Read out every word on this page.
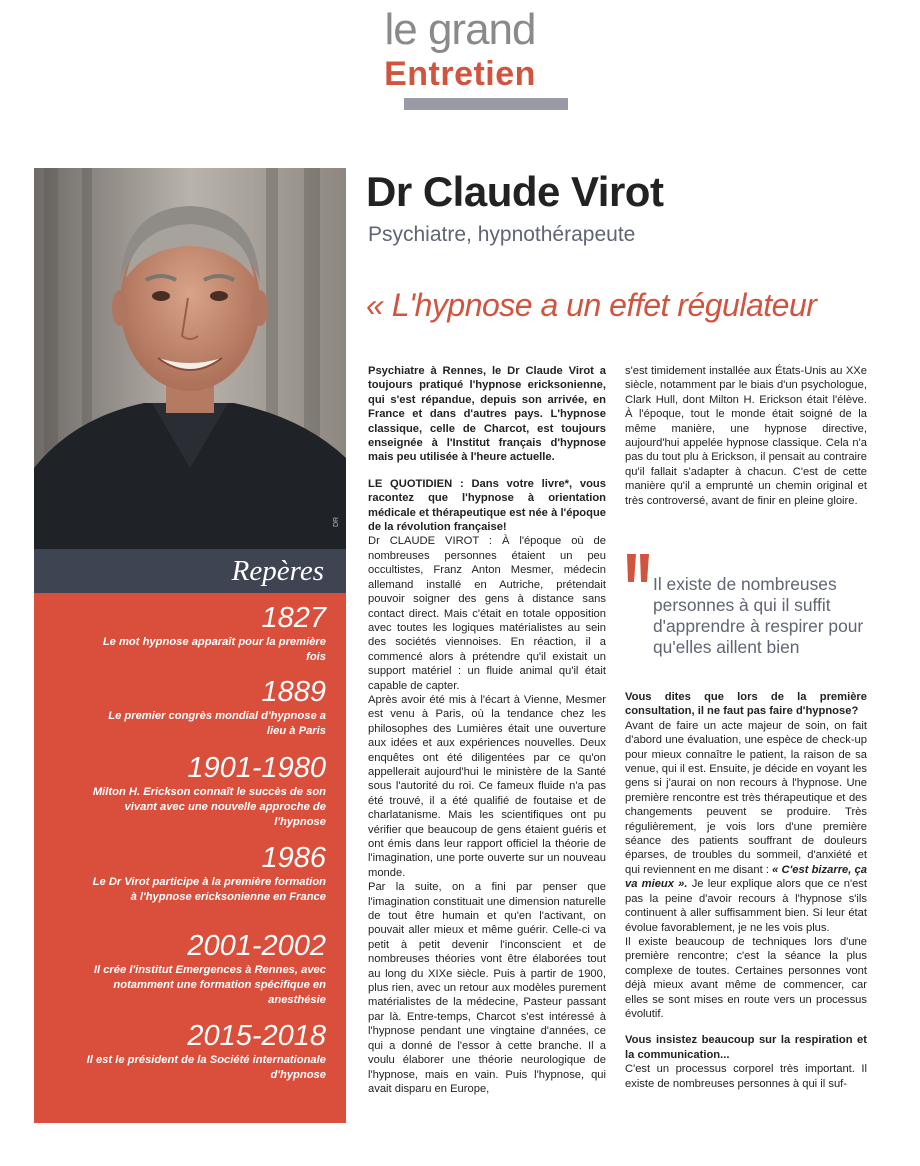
le grand
Entretien
DR
Repères
1827
Le mot hypnose apparaît pour la première fois
1889
Le premier congrès mondial d'hypnose a lieu à Paris
1901-1980
Milton H. Erickson connaît le succès de son vivant avec une nouvelle approche de l'hypnose
1986
Le Dr Virot participe à la première formation à l'hypnose ericksonienne en France
2001-2002
Il crée l'institut Emergences à Rennes, avec notamment une formation spécifique en anesthésie
2015-2018
Il est le président de la Société internationale d'hypnose
Dr Claude Virot
Psychiatre, hypnothérapeute
« L'hypnose a un effet régulateur

Psychiatre à Rennes, le Dr Claude Virot a toujours pratiqué l'hypnose ericksonienne, qui s'est répandue, depuis son arrivée, en France et dans d'autres pays. L'hypnose classique, celle de Charcot, est toujours enseignée à l'Institut français d'hypnose mais peu utilisée à l'heure actuelle.

LE QUOTIDIEN : Dans votre livre*, vous racontez que l'hypnose à orientation médicale et thérapeutique est née à l'époque de la révolution française!

Dr CLAUDE VIROT : À l'époque où de nombreuses personnes étaient un peu occultistes, Franz Anton Mesmer, médecin allemand installé en Autriche, prétendait pouvoir soigner des gens à distance sans contact direct. Mais c'était en totale opposition avec toutes les logiques matérialistes au sein des sociétés viennoises. En réaction, il a commencé alors à prétendre qu'il existait un support matériel : un fluide animal qu'il était capable de capter.

Après avoir été mis à l'écart à Vienne, Mesmer est venu à Paris, où la tendance chez les philosophes des Lumières était une ouverture aux idées et aux expériences nouvelles. Deux enquêtes ont été diligentées par ce qu'on appellerait aujourd'hui le ministère de la Santé sous l'autorité du roi. Ce fameux fluide n'a pas été trouvé, il a été qualifié de foutaise et de charlatanisme. Mais les scientifiques ont pu vérifier que beaucoup de gens étaient guéris et ont émis dans leur rapport officiel la théorie de l'imagination, une porte ouverte sur un nouveau monde.

Par la suite, on a fini par penser que l'imagination constituait une dimension naturelle de tout être humain et qu'en l'activant, on pouvait aller mieux et même guérir. Celle-ci va petit à petit devenir l'inconscient et de nombreuses théories vont être élaborées tout au long du XIXe siècle. Puis à partir de 1900, plus rien, avec un retour aux modèles purement matérialistes de la médecine, Pasteur passant par là. Entre-temps, Charcot s'est intéressé à l'hypnose pendant une vingtaine d'années, ce qui a donné de l'essor à cette branche. Il a voulu élaborer une théorie neurologique de l'hypnose, mais en vain. Puis l'hypnose, qui avait disparu en Europe,

s'est timidement installée aux États-Unis au XXe siècle, notamment par le biais d'un psychologue, Clark Hull, dont Milton H. Erickson était l'élève. À l'époque, tout le monde était soigné de la même manière, une hypnose directive, aujourd'hui appelée hypnose classique. Cela n'a pas du tout plu à Erickson, il pensait au contraire qu'il fallait s'adapter à chacun. C'est de cette manière qu'il a emprunté un chemin original et très controversé, avant de finir en pleine gloire.

Il existe de nombreuses personnes à qui il suffit d'apprendre à respirer pour qu'elles aillent bien

Vous dites que lors de la première consultation, il ne faut pas faire d'hypnose?

Avant de faire un acte majeur de soin, on fait d'abord une évaluation, une espèce de check-up pour mieux connaître le patient, la raison de sa venue, qui il est. Ensuite, je décide en voyant les gens si j'aurai on non recours à l'hypnose. Une première rencontre est très thérapeutique et des changements peuvent se produire. Très régulièrement, je vois lors d'une première séance des patients souffrant de douleurs éparses, de troubles du sommeil, d'anxiété et qui reviennent en me disant : « C'est bizarre, ça va mieux ». Je leur explique alors que ce n'est pas la peine d'avoir recours à l'hypnose s'ils continuent à aller suffisamment bien. Si leur état évolue favorablement, je ne les vois plus.

Il existe beaucoup de techniques lors d'une première rencontre; c'est la séance la plus complexe de toutes. Certaines personnes vont déjà mieux avant même de commencer, car elles se sont mises en route vers un processus évolutif.

Vous insistez beaucoup sur la respiration et la communication...

C'est un processus corporel très important. Il existe de nombreuses personnes à qui il suf-
